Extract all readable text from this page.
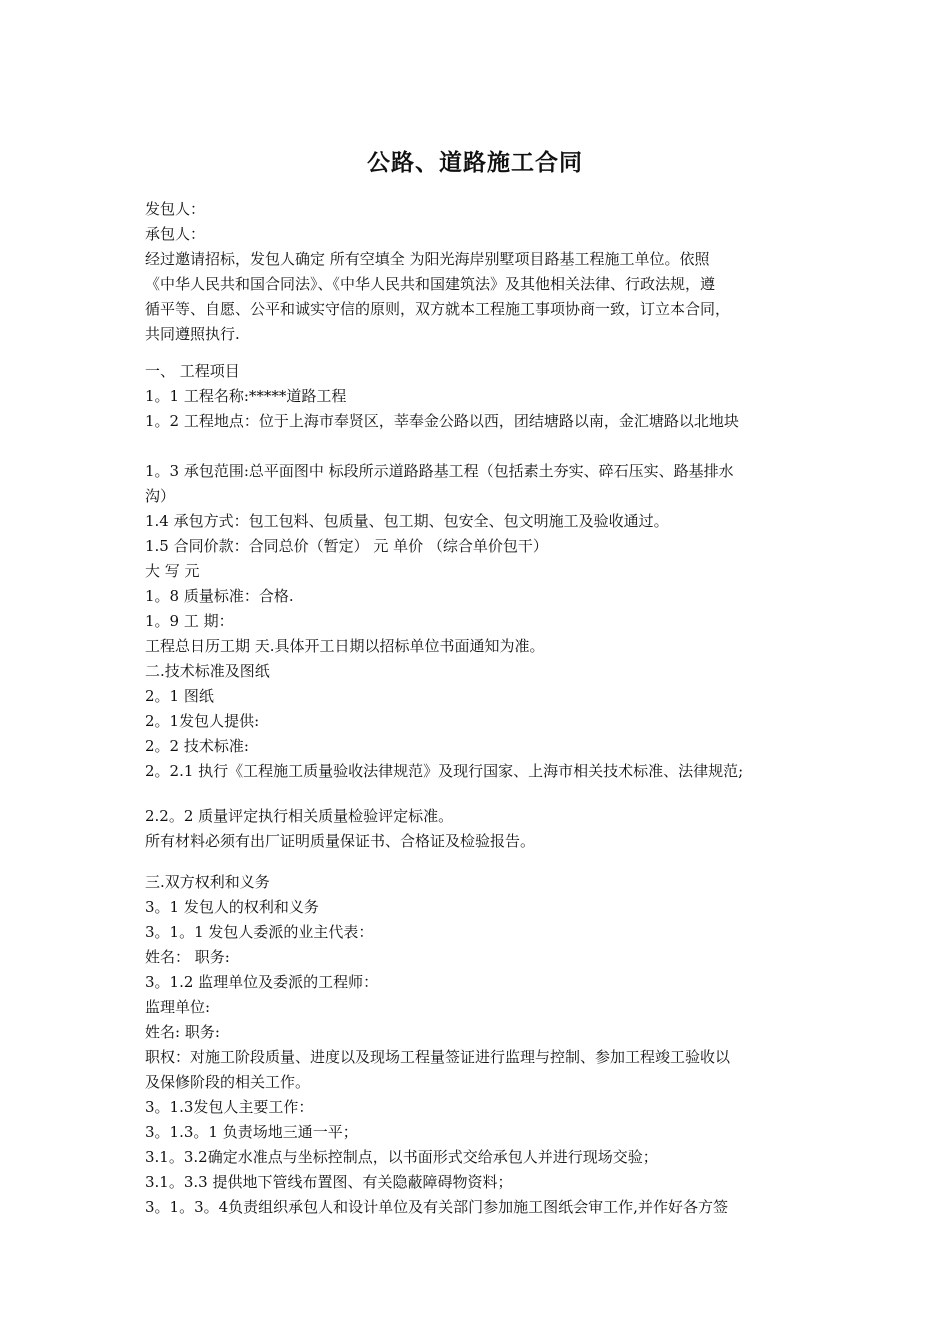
公路、道路施工合同
发包人：
承包人：
经过邀请招标，发包人确定 所有空填全 为阳光海岸别墅项目路基工程施工单位。依照
《中华人民共和国合同法》、《中华人民共和国建筑法》及其他相关法律、行政法规，遵
循平等、自愿、公平和诚实守信的原则，双方就本工程施工事项协商一致，订立本合同，
共同遵照执行.
一、 工程项目
1。1 工程名称:*****道路工程
1。2 工程地点：位于上海市奉贤区，莘奉金公路以西，团结塘路以南，金汇塘路以北地块
1。3 承包范围:总平面图中 标段所示道路路基工程（包括素土夯实、碎石压实、路基排水
沟）
1.4 承包方式：包工包料、包质量、包工期、包安全、包文明施工及验收通过。
1.5 合同价款：合同总价（暂定） 元 单价 （综合单价包干）
大 写 元
1。8 质量标准：合格.
1。9 工 期：
工程总日历工期 天.具体开工日期以招标单位书面通知为准。
二.技术标准及图纸
2。1 图纸
2。1发包人提供:
2。2 技术标准:
2。2.1 执行《工程施工质量验收法律规范》及现行国家、上海市相关技术标准、法律规范;
2.2。2 质量评定执行相关质量检验评定标准。
所有材料必须有出厂证明质量保证书、合格证及检验报告。
三.双方权利和义务
3。1 发包人的权利和义务
3。1。1 发包人委派的业主代表：
姓名： 职务:
3。1.2 监理单位及委派的工程师：
监理单位:
姓名: 职务:
职权：对施工阶段质量、进度以及现场工程量签证进行监理与控制、参加工程竣工验收以
及保修阶段的相关工作。
3。1.3发包人主要工作：
3。1.3。1 负责场地三通一平；
3.1。3.2确定水准点与坐标控制点，以书面形式交给承包人并进行现场交验；
3.1。3.3 提供地下管线布置图、有关隐蔽障碍物资料；
3。1。3。4负责组织承包人和设计单位及有关部门参加施工图纸会审工作,并作好各方签
